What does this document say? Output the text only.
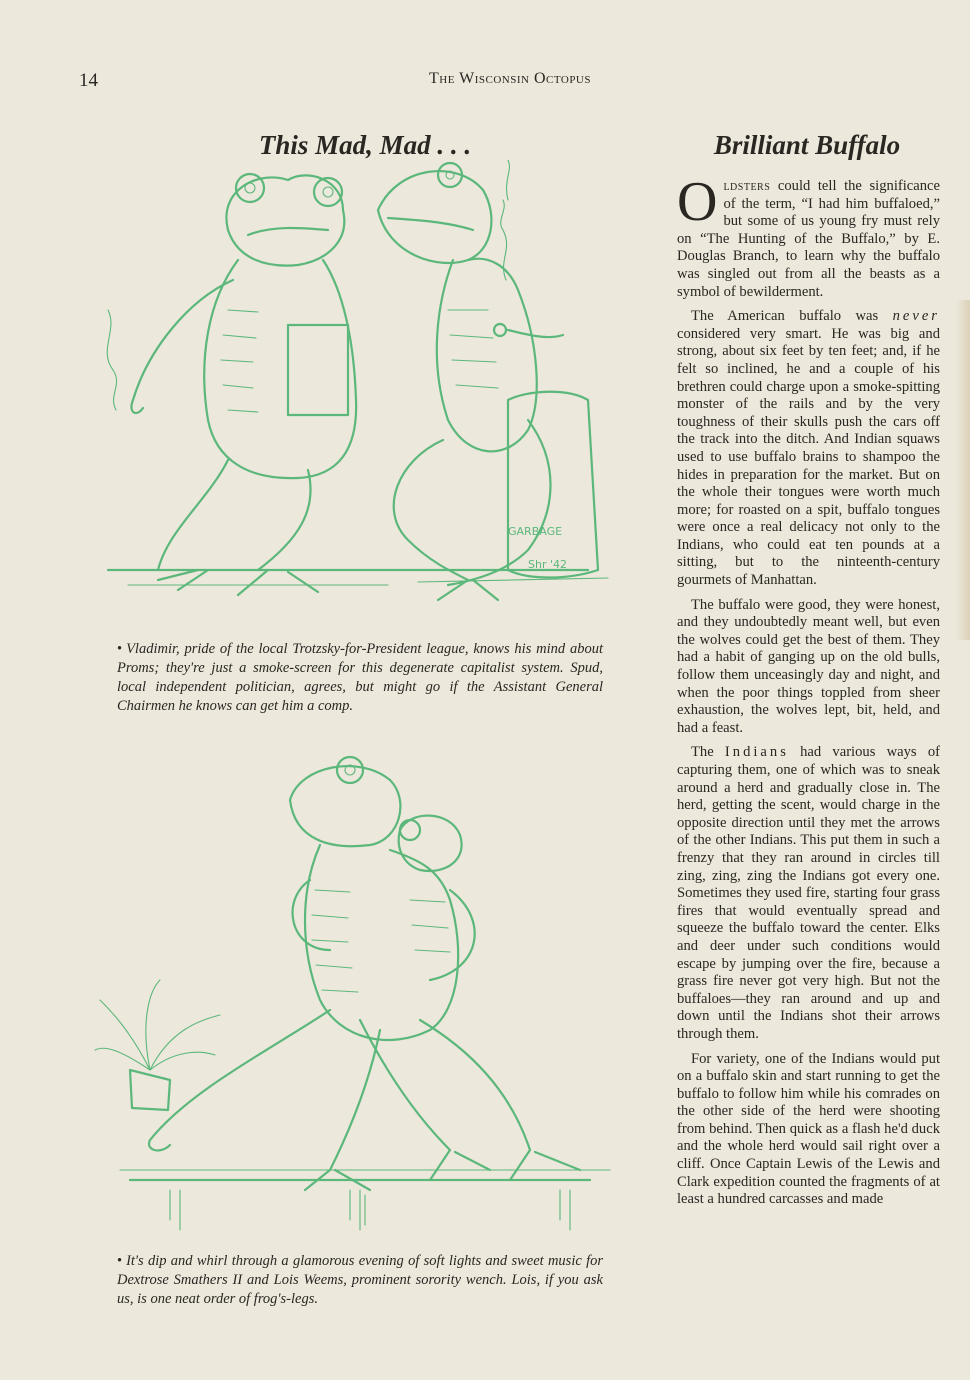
14	The Wisconsin Octopus
This Mad, Mad . . .	Brilliant Buffalo
GARBAGE
Shr '42
• Vladimir, pride of the local Trotzsky-for-President league, knows his mind about Proms; they're just a smoke-screen for this degenerate capitalist system. Spud, local independent politician, agrees, but might go if the Assistant General Chairmen he knows can get him a comp.
• It's dip and whirl through a glamorous evening of soft lights and sweet music for Dextrose Smathers II and Lois Weems, prominent sorority wench. Lois, if you ask us, is one neat order of frog's-legs.

Oldsters could tell the significance of the term, “I had him buffaloed,” but some of us young fry must rely on “The Hunting of the Buffalo,” by E. Douglas Branch, to learn why the buffalo was singled out from all the beasts as a symbol of bewilderment.

The American buffalo was never considered very smart. He was big and strong, about six feet by ten feet; and, if he felt so inclined, he and a couple of his brethren could charge upon a smoke-spitting monster of the rails and by the very toughness of their skulls push the cars off the track into the ditch. And Indian squaws used to use buffalo brains to shampoo the hides in preparation for the market. But on the whole their tongues were worth much more; for roasted on a spit, buffalo tongues were once a real delicacy not only to the Indians, who could eat ten pounds at a sitting, but to the ninteenth-century gourmets of Manhattan.

The buffalo were good, they were honest, and they undoubtedly meant well, but even the wolves could get the best of them. They had a habit of ganging up on the old bulls, follow them unceasingly day and night, and when the poor things toppled from sheer exhaustion, the wolves lept, bit, held, and had a feast.

The Indians had various ways of capturing them, one of which was to sneak around a herd and gradually close in. The herd, getting the scent, would charge in the opposite direction until they met the arrows of the other Indians. This put them in such a frenzy that they ran around in circles till zing, zing, zing the Indians got every one. Sometimes they used fire, starting four grass fires that would eventually spread and squeeze the buffalo toward the center. Elks and deer under such conditions would escape by jumping over the fire, because a grass fire never got very high. But not the buffaloes—they ran around and up and down until the Indians shot their arrows through them.

For variety, one of the Indians would put on a buffalo skin and start running to get the buffalo to follow him while his comrades on the other side of the herd were shooting from behind. Then quick as a flash he'd duck and the whole herd would sail right over a cliff. Once Captain Lewis of the Lewis and Clark expedition counted the fragments of at least a hundred carcasses and made
